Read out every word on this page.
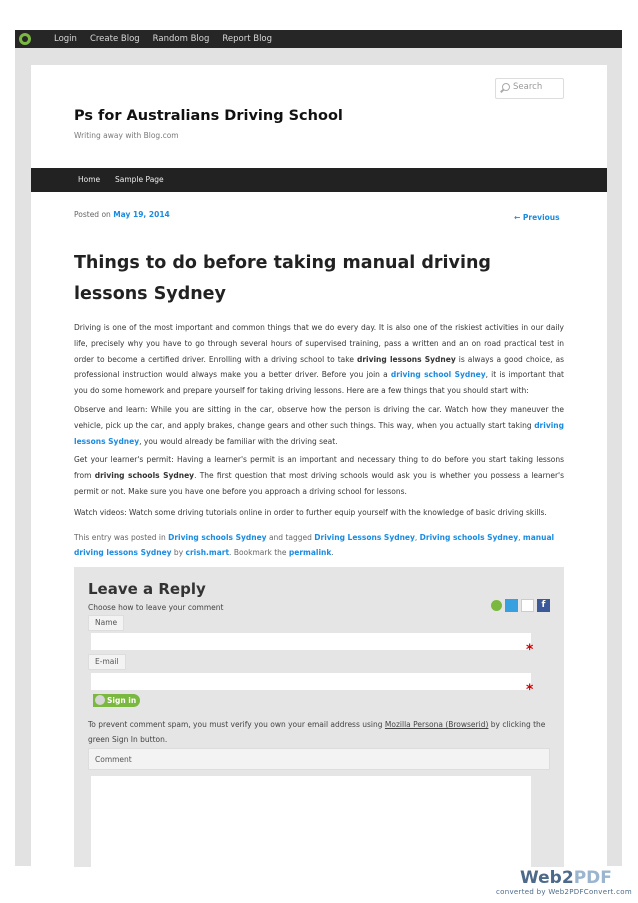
Login Create Blog Random Blog Report Blog
Search
Ps for Australians Driving School
Writing away with Blog.com
Home Sample Page
Posted on May 19, 2014	← Previous
Things to do before taking manual driving lessons Sydney
Driving is one of the most important and common things that we do every day. It is also one of the riskiest activities in our daily life, precisely why you have to go through several hours of supervised training, pass a written and an on road practical test in order to become a certified driver. Enrolling with a driving school to take driving lessons Sydney is always a good choice, as professional instruction would always make you a better driver. Before you join a driving school Sydney, it is important that you do some homework and prepare yourself for taking driving lessons. Here are a few things that you should start with:
Observe and learn: While you are sitting in the car, observe how the person is driving the car. Watch how they maneuver the vehicle, pick up the car, and apply brakes, change gears and other such things. This way, when you actually start taking driving lessons Sydney, you would already be familiar with the driving seat.
Get your learner's permit: Having a learner's permit is an important and necessary thing to do before you start taking lessons from driving schools Sydney. The first question that most driving schools would ask you is whether you possess a learner's permit or not. Make sure you have one before you approach a driving school for lessons.
Watch videos: Watch some driving tutorials online in order to further equip yourself with the knowledge of basic driving skills.
This entry was posted in Driving schools Sydney and tagged Driving Lessons Sydney, Driving schools Sydney, manual driving lessons Sydney by crish.mart. Bookmark the permalink.
Leave a Reply
Choose how to leave your comment	f
Name
*
E-mail
*
Sign in
To prevent comment spam, you must verify you own your email address using Mozilla Persona (Browserid) by clicking the green Sign In button.
Comment
Web2PDF
converted by Web2PDFConvert.com
